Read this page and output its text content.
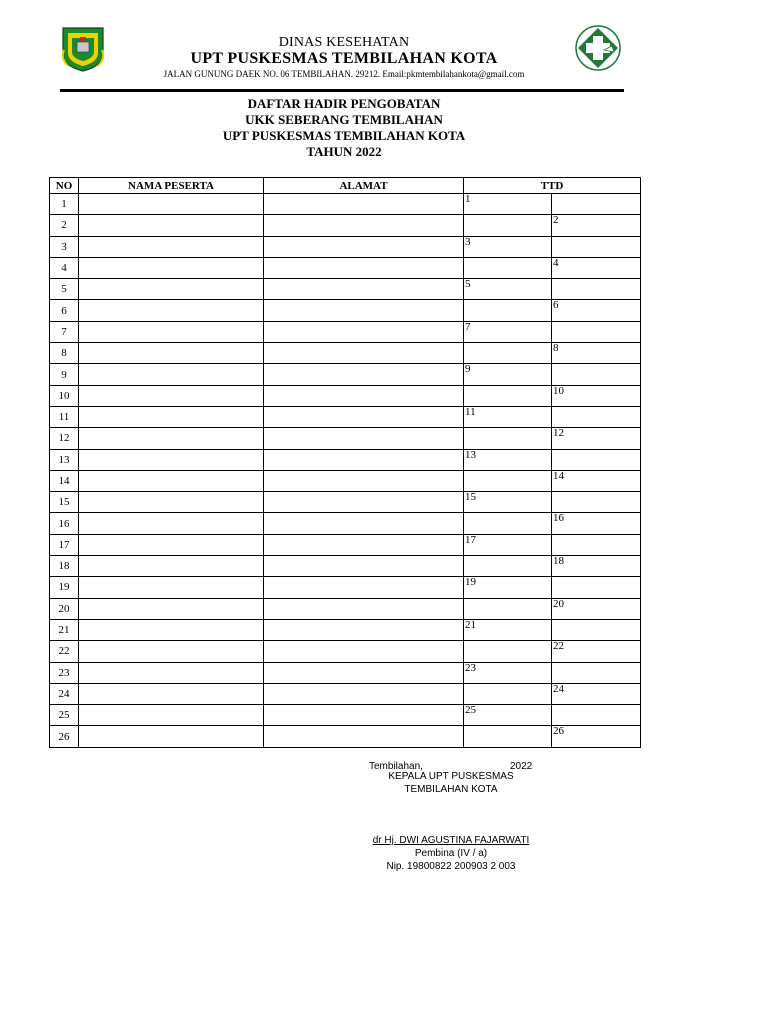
DINAS KESEHATAN
UPT PUSKESMAS TEMBILAHAN KOTA
JALAN GUNUNG DAEK NO. 06 TEMBILAHAN. 29212. Email:pkmtembilahankota@gmail.com
DAFTAR HADIR PENGOBATAN
UKK SEBERANG TEMBILAHAN
UPT PUSKESMAS TEMBILAHAN KOTA
TAHUN 2022
NO	NAMA PESERTA	ALAMAT	TTD	
1			1	

2				2

3			3	

4				4

5			5	

6				6

7			7	

8				8

9			9	

10				10

11			11	

12				12

13			13	

14				14

15			15	

16				16

17			17	

18				18

19			19	

20				20

21			21	

22				22

23			23	

24				24

25			25	

26				26
Tembilahan,	2022
KEPALA UPT PUSKESMAS
TEMBILAHAN KOTA
dr Hj. DWI AGUSTINA FAJARWATI
Pembina (IV / a)
Nip. 19800822 200903 2 003
